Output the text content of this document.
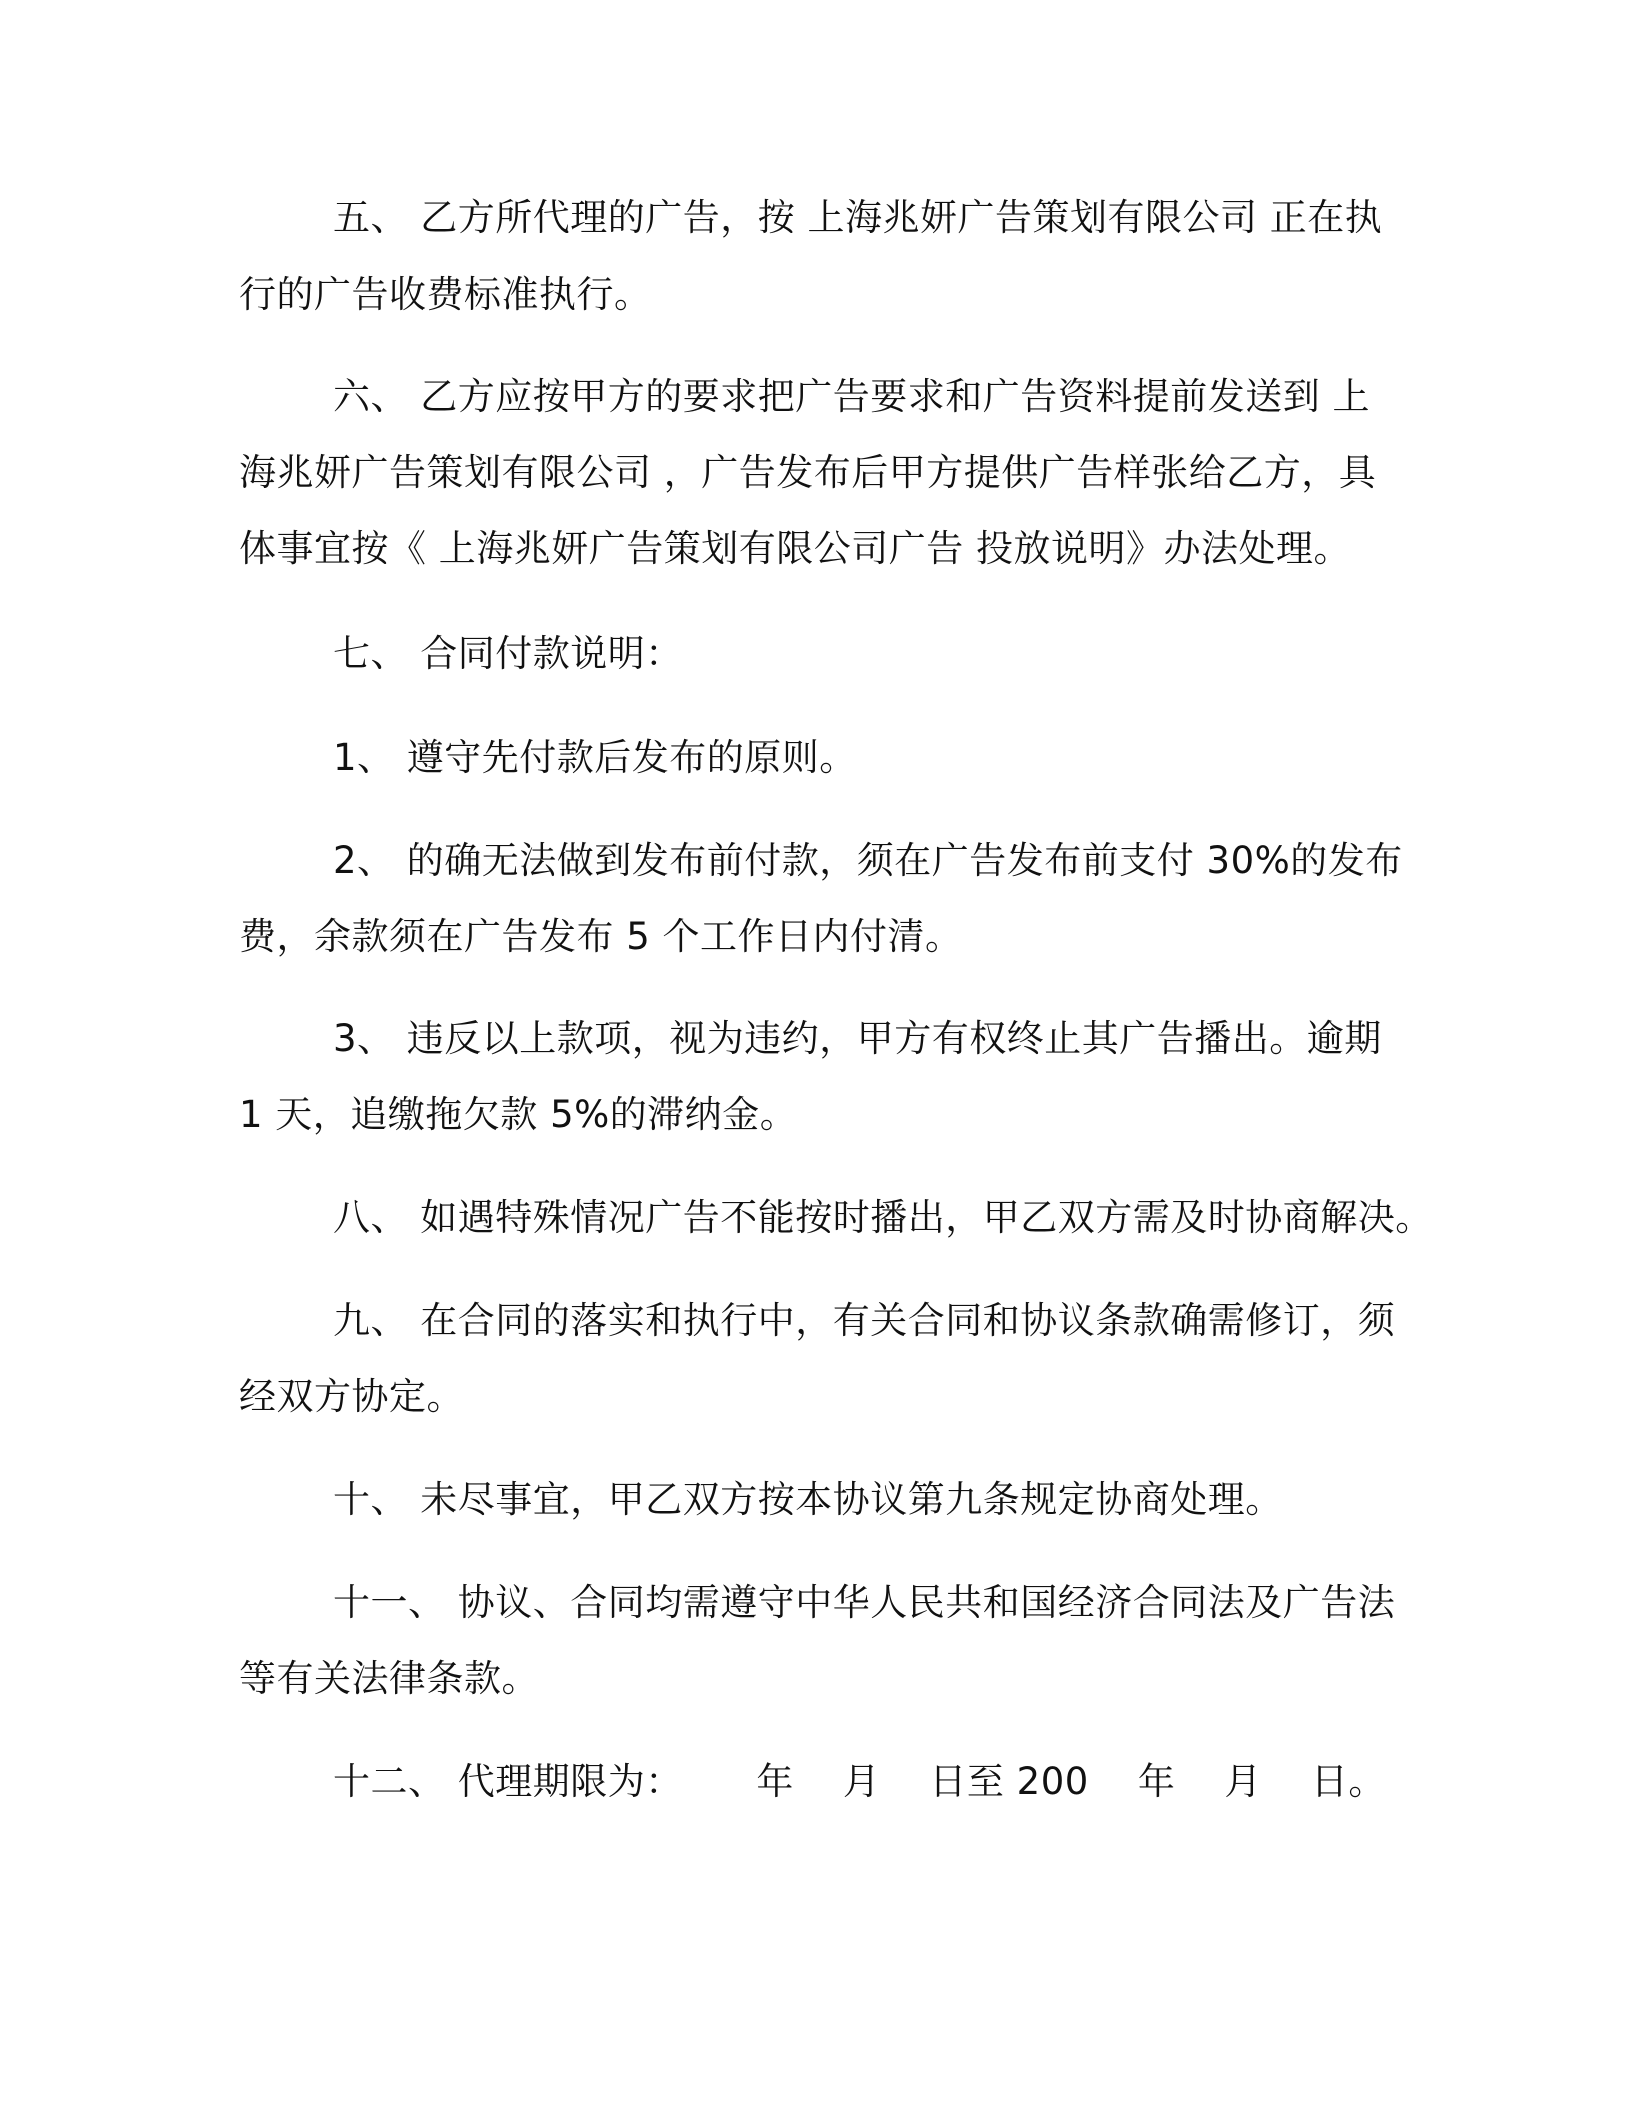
五、 乙方所代理的广告，按 上海兆妍广告策划有限公司 正在执

行的广告收费标准执行。

六、 乙方应按甲方的要求把广告要求和广告资料提前发送到 上

海兆妍广告策划有限公司 ，广告发布后甲方提供广告样张给乙方，具

体事宜按《 上海兆妍广告策划有限公司广告 投放说明》办法处理。

七、 合同付款说明：

1、 遵守先付款后发布的原则。

2、 的确无法做到发布前付款，须在广告发布前支付 30%的发布

费，余款须在广告发布 5 个工作日内付清。

3、 违反以上款项，视为违约，甲方有权终止其广告播出。逾期

1 天，追缴拖欠款 5%的滞纳金。

八、 如遇特殊情况广告不能按时播出，甲乙双方需及时协商解决。

九、 在合同的落实和执行中，有关合同和协议条款确需修订，须

经双方协定。

十、 未尽事宜，甲乙双方按本协议第九条规定协商处理。

十一、 协议、合同均需遵守中华人民共和国经济合同法及广告法

等有关法律条款。

十二、 代理期限为：      年    月    日至 200    年    月    日。
